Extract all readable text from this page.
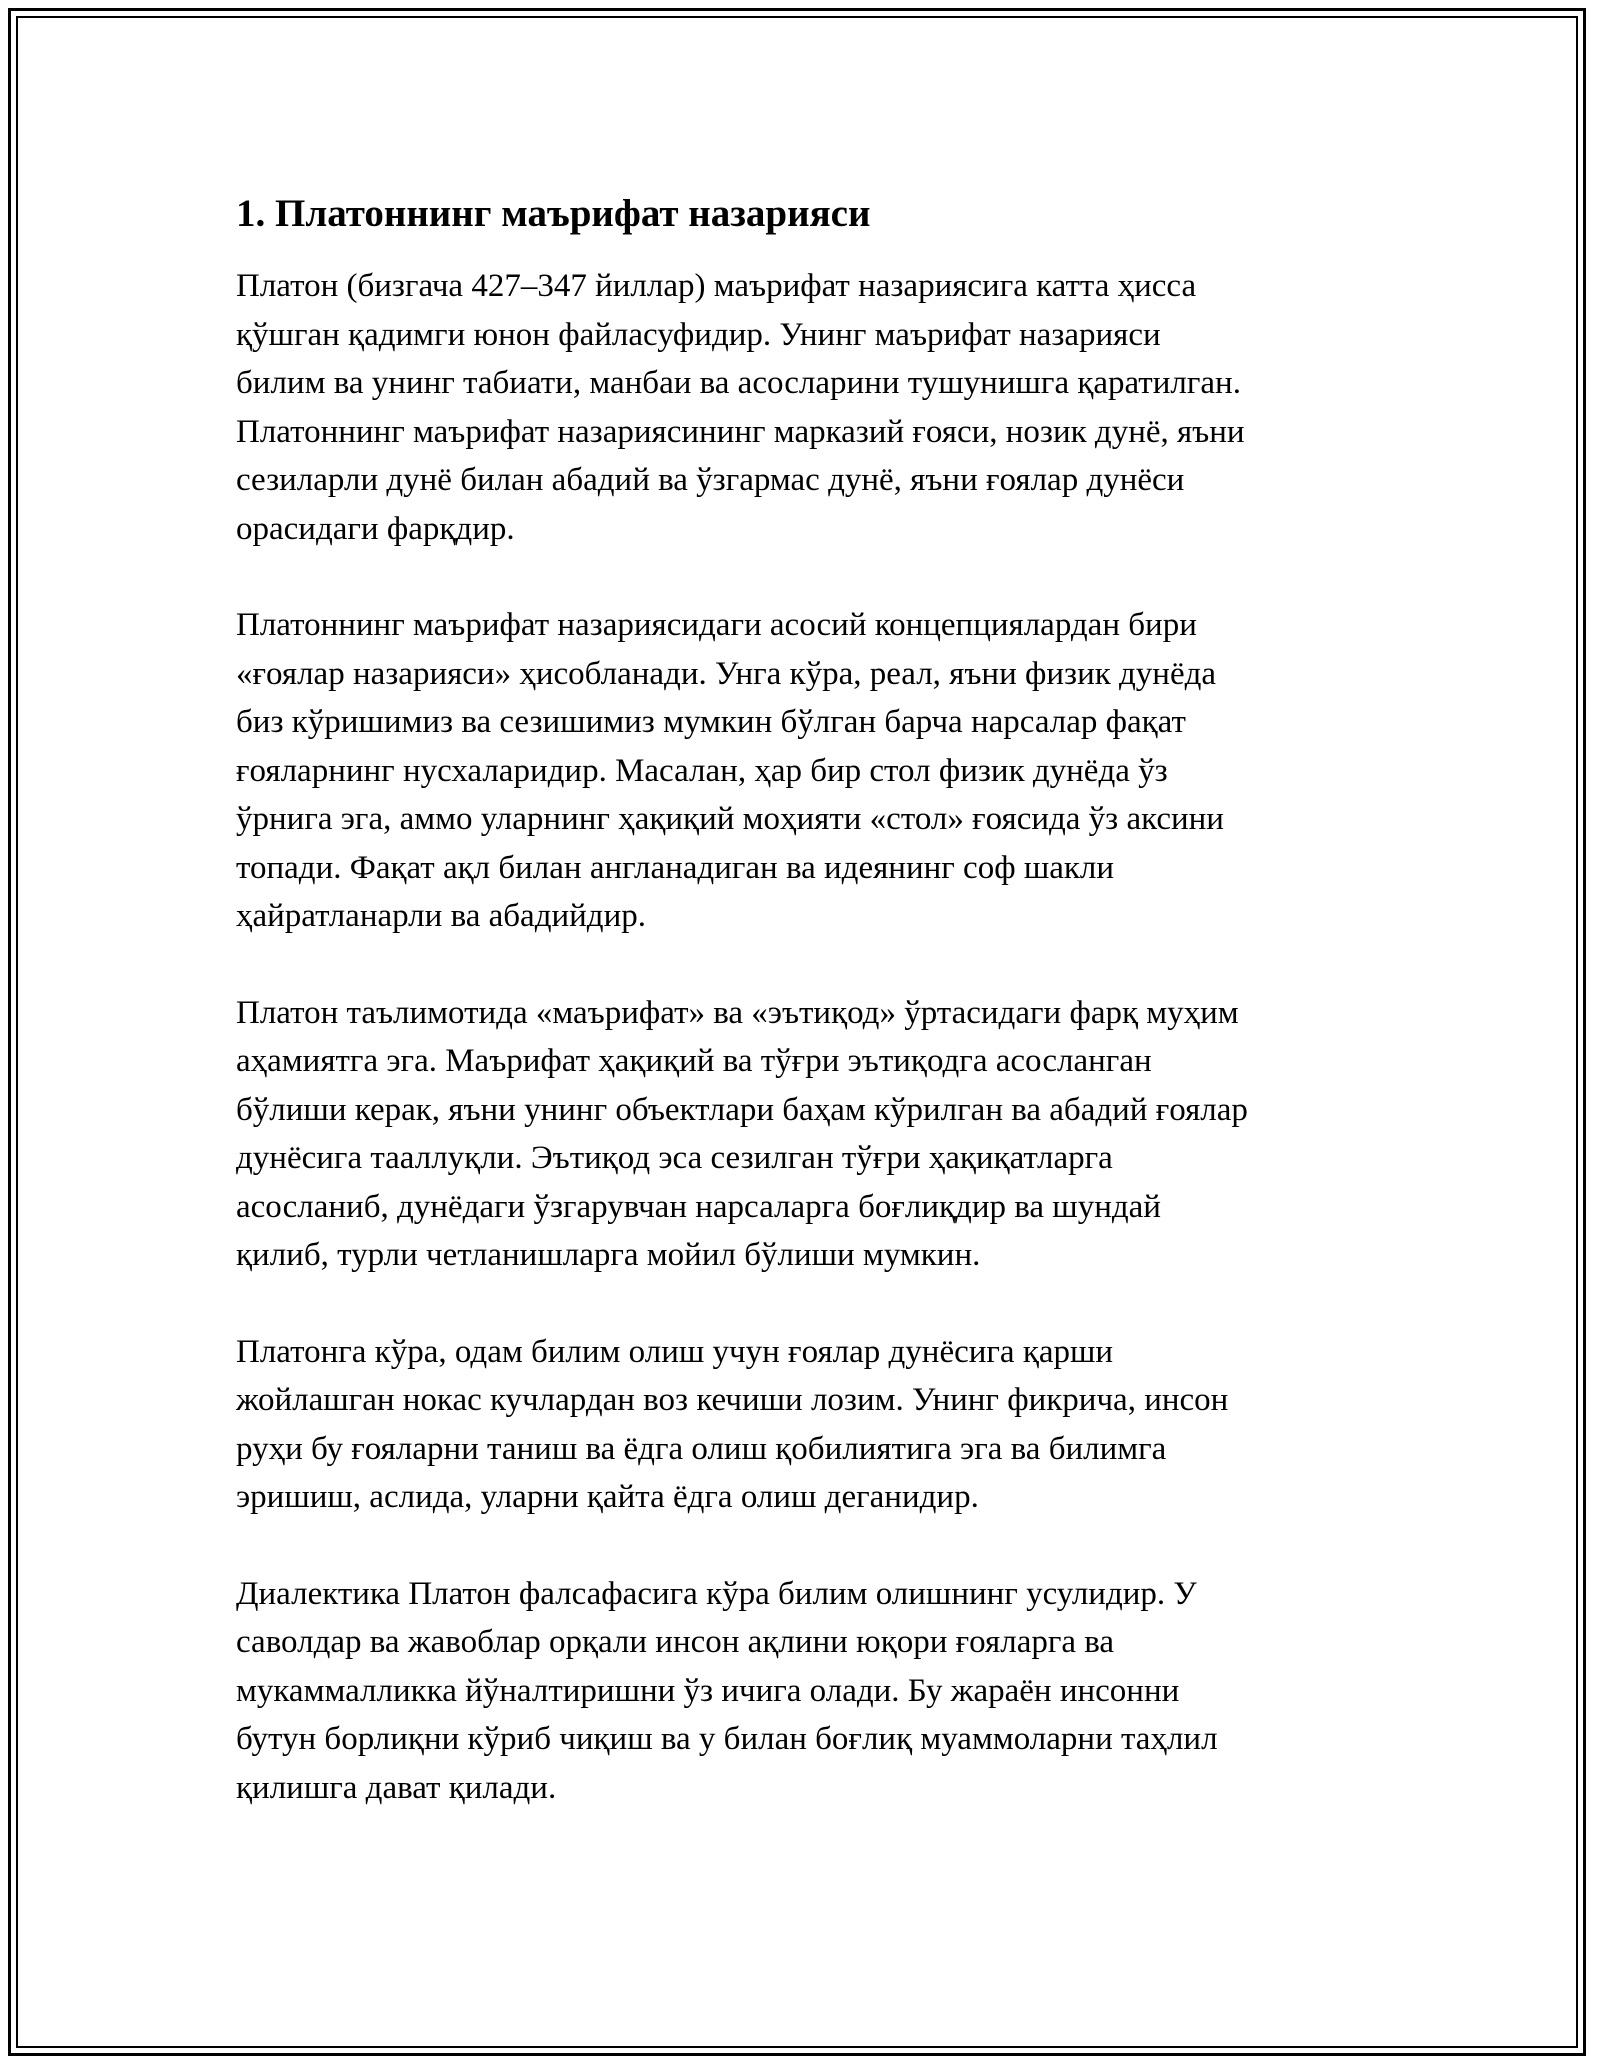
1. Платоннинг маърифат назарияси

Платон (бизгача 427–347 йиллар) маърифат назариясига катта ҳисса
қўшган қадимги юнон файласуфидир. Унинг маърифат назарияси
билим ва унинг табиати, манбаи ва асосларини тушунишга қаратилган.
Платоннинг маърифат назариясининг марказий ғояси, нозик дунё, яъни
сезиларли дунё билан абадий ва ўзгармас дунё, яъни ғоялар дунёси
орасидаги фарқдир.

Платоннинг маърифат назариясидаги асосий концепциялардан бири
«ғоялар назарияси» ҳисобланади. Унга кўра, реал, яъни физик дунёда
биз кўришимиз ва сезишимиз мумкин бўлган барча нарсалар фақат
ғояларнинг нусхаларидир. Масалан, ҳар бир стол физик дунёда ўз
ўрнига эга, аммо уларнинг ҳақиқий моҳияти «стол» ғоясида ўз аксини
топади. Фақат ақл билан англанадиган ва идеянинг соф шакли
ҳайратланарли ва абадийдир.

Платон таълимотида «маърифат» ва «эътиқод» ўртасидаги фарқ муҳим
аҳамиятга эга. Маърифат ҳақиқий ва тўғри эътиқодга асосланган
бўлиши керак, яъни унинг объектлари баҳам кўрилган ва абадий ғоялар
дунёсига тааллуқли. Эътиқод эса сезилган тўғри ҳақиқатларга
асосланиб, дунёдаги ўзгарувчан нарсаларга боғлиқдир ва шундай
қилиб, турли четланишларга мойил бўлиши мумкин.

Платонга кўра, одам билим олиш учун ғоялар дунёсига қарши
жойлашган нокас кучлардан воз кечиши лозим. Унинг фикрича, инсон
руҳи бу ғояларни таниш ва ёдга олиш қобилиятига эга ва билимга
эришиш, аслида, уларни қайта ёдга олиш деганидир.

Диалектика Платон фалсафасига кўра билим олишнинг усулидир. У
саволдар ва жавоблар орқали инсон ақлини юқори ғояларга ва
мукаммалликка йўналтиришни ўз ичига олади. Бу жараён инсонни
бутун борлиқни кўриб чиқиш ва у билан боғлиқ муаммоларни таҳлил
қилишга дават қилади.
